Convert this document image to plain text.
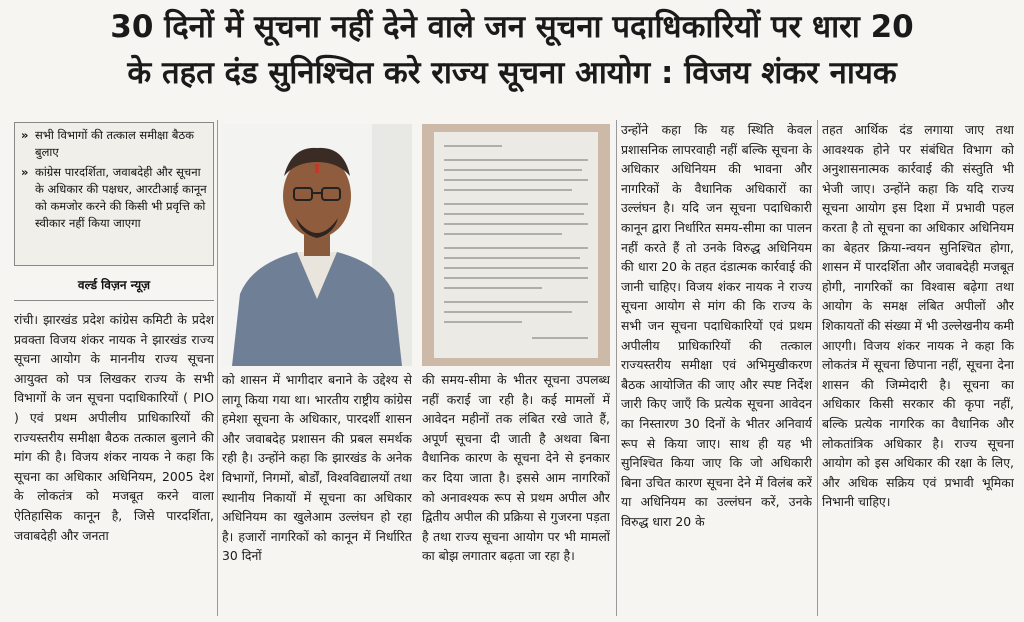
30 दिनों में सूचना नहीं देने वाले जन सूचना पदाधिकारियों पर धारा 20
के तहत दंड सुनिश्चित करे राज्य सूचना आयोग : विजय शंकर नायक

» सभी विभागों की तत्काल समीक्षा बैठक बुलाए

» कांग्रेस पारदर्शिता, जवाबदेही और सूचना के अधिकार की पक्षधर, आरटीआई कानून को कमजोर करने की किसी भी प्रवृत्ति को स्वीकार नहीं किया जाएगा

वर्ल्ड विज़न न्यूज़

रांची। झारखंड प्रदेश कांग्रेस कमिटी के प्रदेश प्रवक्ता विजय शंकर नायक ने झारखंड राज्य सूचना आयोग के माननीय राज्य सूचना आयुक्त को पत्र लिखकर राज्य के सभी विभागों के जन सूचना पदाधिकारियों ( PIO ) एवं प्रथम अपीलीय प्राधिकारियों की राज्यस्तरीय समीक्षा बैठक तत्काल बुलाने की मांग की है। विजय शंकर नायक ने कहा कि सूचना का अधिकार अधिनियम, 2005 देश के लोकतंत्र को मजबूत करने वाला ऐतिहासिक कानून है, जिसे पारदर्शिता, जवाबदेही और जनता

को शासन में भागीदार बनाने के उद्देश्य से लागू किया गया था। भारतीय राष्ट्रीय कांग्रेस हमेशा सूचना के अधिकार, पारदर्शी शासन और जवाबदेह प्रशासन की प्रबल समर्थक रही है। उन्होंने कहा कि झारखंड के अनेक विभागों, निगमों, बोर्डों, विश्वविद्यालयों तथा स्थानीय निकायों में सूचना का अधिकार अधिनियम का खुलेआम उल्लंघन हो रहा है। हजारों नागरिकों को कानून में निर्धारित 30 दिनों

की समय-सीमा के भीतर सूचना उपलब्ध नहीं कराई जा रही है। कई मामलों में आवेदन महीनों तक लंबित रखे जाते हैं, अपूर्ण सूचना दी जाती है अथवा बिना वैधानिक कारण के सूचना देने से इनकार कर दिया जाता है। इससे आम नागरिकों को अनावश्यक रूप से प्रथम अपील और द्वितीय अपील की प्रक्रिया से गुजरना पड़ता है तथा राज्य सूचना आयोग पर भी मामलों का बोझ लगातार बढ़ता जा रहा है।

उन्होंने कहा कि यह स्थिति केवल प्रशासनिक लापरवाही नहीं बल्कि सूचना के अधिकार अधिनियम की भावना और नागरिकों के वैधानिक अधिकारों का उल्लंघन है। यदि जन सूचना पदाधिकारी कानून द्वारा निर्धारित समय-सीमा का पालन नहीं करते हैं तो उनके विरुद्ध अधिनियम की धारा 20 के तहत दंडात्मक कार्रवाई की जानी चाहिए। विजय शंकर नायक ने राज्य सूचना आयोग से मांग की कि राज्य के सभी जन सूचना पदाधिकारियों एवं प्रथम अपीलीय प्राधिकारियों की तत्काल राज्यस्तरीय समीक्षा एवं अभिमुखीकरण बैठक आयोजित की जाए और स्पष्ट निर्देश जारी किए जाएँ कि प्रत्येक सूचना आवेदन का निस्तारण 30 दिनों के भीतर अनिवार्य रूप से किया जाए। साथ ही यह भी सुनिश्चित किया जाए कि जो अधिकारी बिना उचित कारण सूचना देने में विलंब करें या अधिनियम का उल्लंघन करें, उनके विरुद्ध धारा 20 के

तहत आर्थिक दंड लगाया जाए तथा आवश्यक होने पर संबंधित विभाग को अनुशासनात्मक कार्रवाई की संस्तुति भी भेजी जाए। उन्होंने कहा कि यदि राज्य सूचना आयोग इस दिशा में प्रभावी पहल करता है तो सूचना का अधिकार अधिनियम का बेहतर क्रिया-न्वयन सुनिश्चित होगा, शासन में पारदर्शिता और जवाबदेही मजबूत होगी, नागरिकों का विश्वास बढ़ेगा तथा आयोग के समक्ष लंबित अपीलों और शिकायतों की संख्या में भी उल्लेखनीय कमी आएगी। विजय शंकर नायक ने कहा कि लोकतंत्र में सूचना छिपाना नहीं, सूचना देना शासन की जिम्मेदारी है। सूचना का अधिकार किसी सरकार की कृपा नहीं, बल्कि प्रत्येक नागरिक का वैधानिक और लोकतांत्रिक अधिकार है। राज्य सूचना आयोग को इस अधिकार की रक्षा के लिए, और अधिक सक्रिय एवं प्रभावी भूमिका निभानी चाहिए।
